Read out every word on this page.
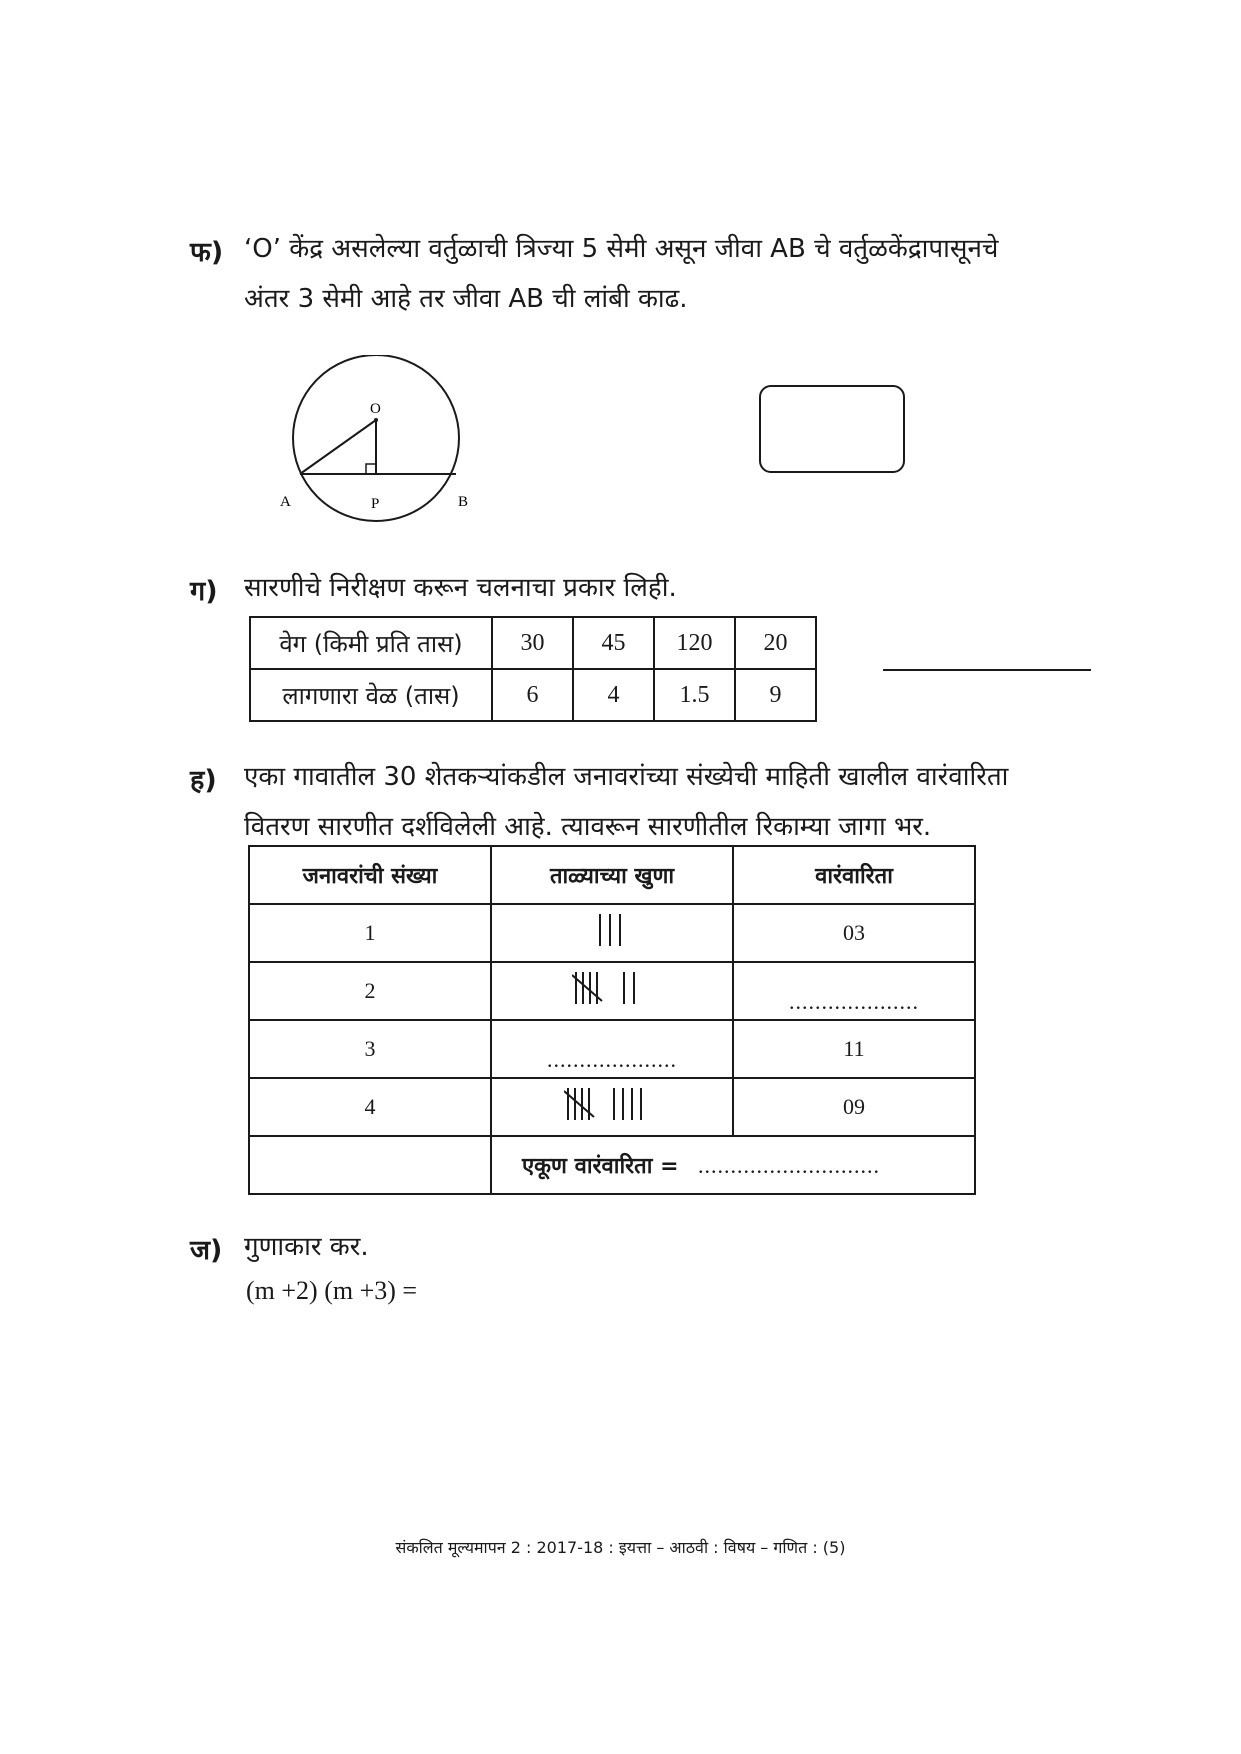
फ) ‘O’ केंद्र असलेल्या वर्तुळाची त्रिज्या 5 सेमी असून जीवा AB चे वर्तुळकेंद्रापासूनचे
अंतर 3 सेमी आहे तर जीवा AB ची लांबी काढ.
O
A	P	B
ग) सारणीचे निरीक्षण करून चलनाचा प्रकार लिही.
वेग (किमी प्रति तास)	30	45	120	20
लागणारा वेळ (तास)	6	4	1.5	9
ह) एका गावातील 30 शेतकऱ्यांकडील जनावरांच्या संख्येची माहिती खालील वारंवारिता
वितरण सारणीत दर्शविलेली आहे. त्यावरून सारणीतील रिकाम्या जागा भर.
जनावरांची संख्या	ताळ्याच्या खुणा	वारंवारिता
1		03
2		....................
3	....................	11
4		09
	एकूण वारंवारिता = ............................	
ज) गुणाकार कर.
(m +2) (m +3) =
संकलित मूल्यमापन 2 : 2017-18 : इयत्ता – आठवी : विषय – गणित : (5)
